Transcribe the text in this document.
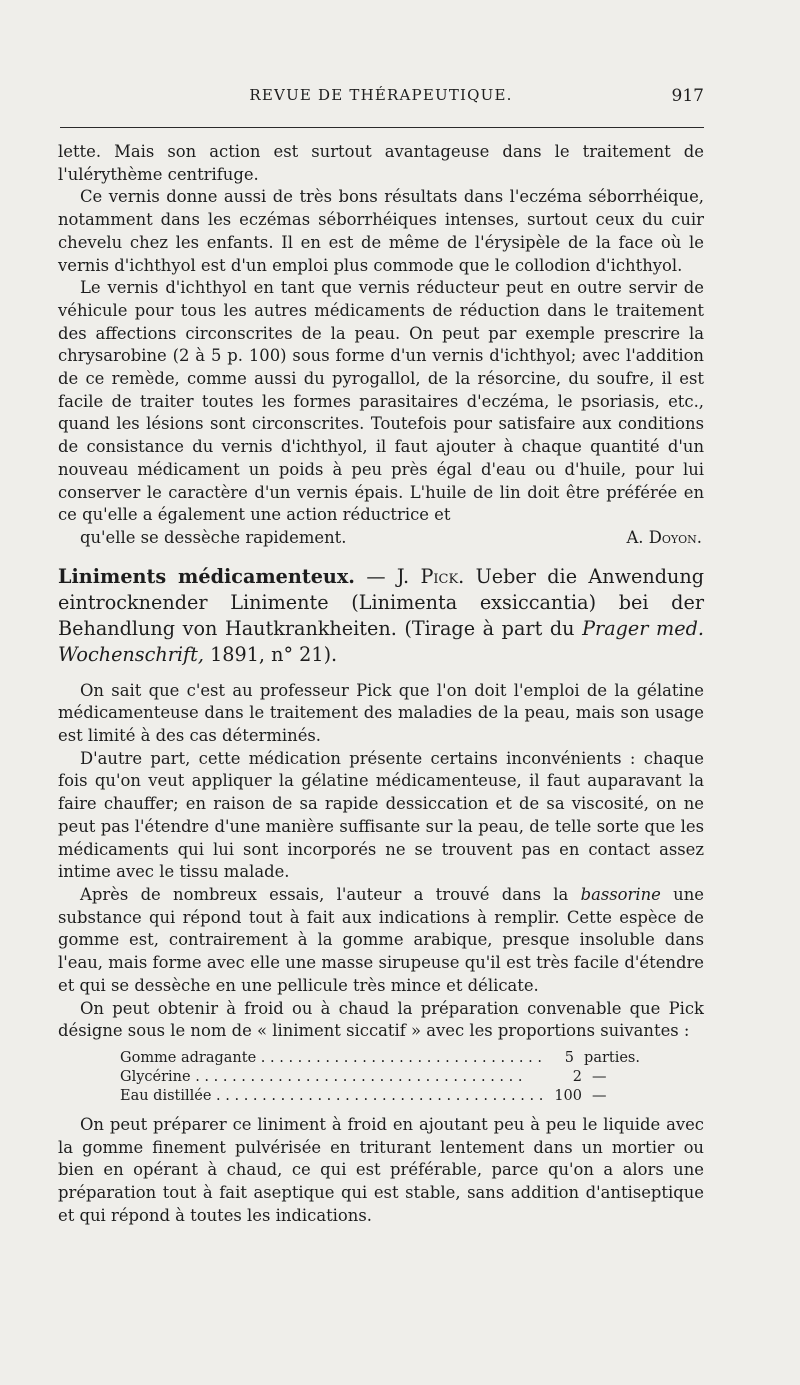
REVUE DE THÉRAPEUTIQUE.	917

lette. Mais son action est surtout avantageuse dans le traitement de l'ulérythème centrifuge.

Ce vernis donne aussi de très bons résultats dans l'eczéma séborrhéique, notamment dans les eczémas séborrhéiques intenses, surtout ceux du cuir chevelu chez les enfants. Il en est de même de l'érysipèle de la face où le vernis d'ichthyol est d'un emploi plus commode que le collodion d'ichthyol.

Le vernis d'ichthyol en tant que vernis réducteur peut en outre servir de véhicule pour tous les autres médicaments de réduction dans le traitement des affections circonscrites de la peau. On peut par exemple prescrire la chrysarobine (2 à 5 p. 100) sous forme d'un vernis d'ichthyol; avec l'addition de ce remède, comme aussi du pyrogallol, de la résorcine, du soufre, il est facile de traiter toutes les formes parasitaires d'eczéma, le psoriasis, etc., quand les lésions sont circonscrites. Toutefois pour satisfaire aux conditions de consistance du vernis d'ichthyol, il faut ajouter à chaque quantité d'un nouveau médicament un poids à peu près égal d'eau ou d'huile, pour lui conserver le caractère d'un vernis épais. L'huile de lin doit être préférée en ce qu'elle a également une action réductrice et

qu'elle se dessèche rapidement.	A. Doyon.

Liniments médicamenteux. — J. Pick. Ueber die Anwendung eintrocknender Linimente (Linimenta exsiccantia) bei der Behandlung von Hautkrankheiten. (Tirage à part du Prager med. Wochenschrift, 1891, n° 21).

On sait que c'est au professeur Pick que l'on doit l'emploi de la gélatine médicamenteuse dans le traitement des maladies de la peau, mais son usage est limité à des cas déterminés.

D'autre part, cette médication présente certains inconvénients : chaque fois qu'on veut appliquer la gélatine médicamenteuse, il faut auparavant la faire chauffer; en raison de sa rapide dessiccation et de sa viscosité, on ne peut pas l'étendre d'une manière suffisante sur la peau, de telle sorte que les médicaments qui lui sont incorporés ne se trouvent pas en contact assez intime avec le tissu malade.

Après de nombreux essais, l'auteur a trouvé dans la bassorine une substance qui répond tout à fait aux indications à remplir. Cette espèce de gomme est, contrairement à la gomme arabique, presque insoluble dans l'eau, mais forme avec elle une masse sirupeuse qu'il est très facile d'étendre et qui se dessèche en une pellicule très mince et délicate.

On peut obtenir à froid ou à chaud la préparation convenable que Pick désigne sous le nom de « liniment siccatif » avec les proportions suivantes :

Gomme adragante . . .	5 parties.
Glycérine . . .	2 —
Eau distillée . . .	100 —

On peut préparer ce liniment à froid en ajoutant peu à peu le liquide avec la gomme finement pulvérisée en triturant lentement dans un mortier ou bien en opérant à chaud, ce qui est préférable, parce qu'on a alors une préparation tout à fait aseptique qui est stable, sans addition d'antiseptique et qui répond à toutes les indications.
